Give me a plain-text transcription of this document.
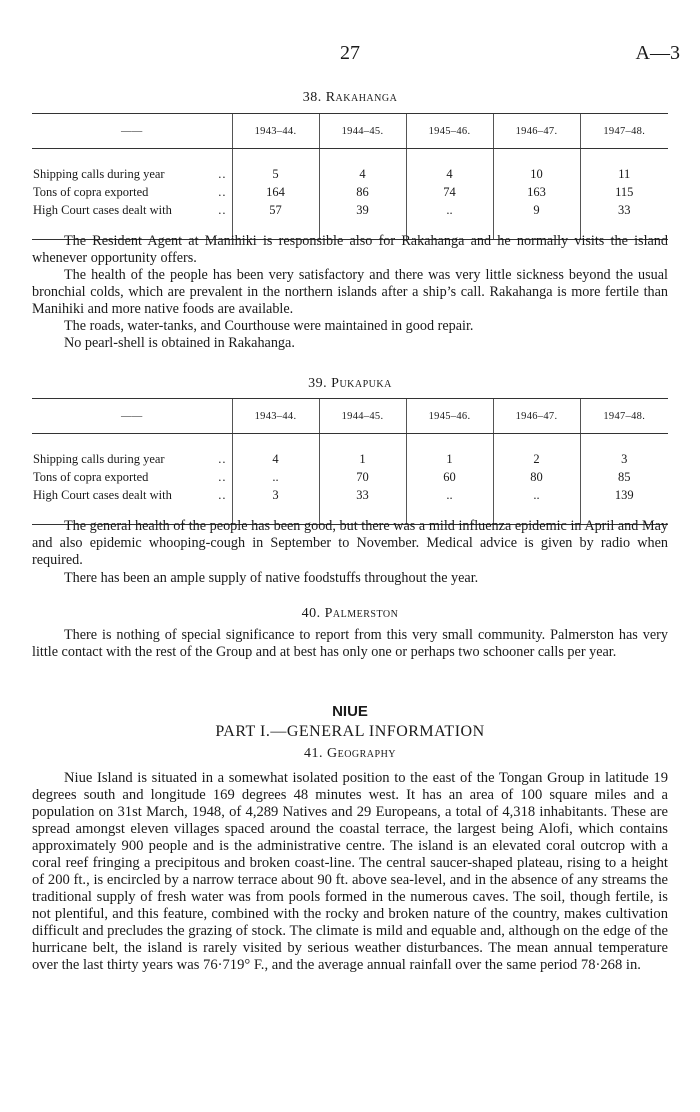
27	A—3
38. Rakahanga
——	1943–44.	1944–45.	1945–46.	1946–47.	1947–48.

Shipping calls during year ..	5	4	4	10	11
Tons of copra exported ..	164	86	74	163	115
High Court cases dealt with ..	57	39	..	9	33

The Resident Agent at Manihiki is responsible also for Rakahanga and he normally visits the island whenever opportunity offers.

The health of the people has been very satisfactory and there was very little sickness beyond the usual bronchial colds, which are prevalent in the northern islands after a ship’s call. Rakahanga is more fertile than Manihiki and more native foods are available.

The roads, water-tanks, and Courthouse were maintained in good repair.

No pearl-shell is obtained in Rakahanga.

39. Pukapuka
——	1943–44.	1944–45.	1945–46.	1946–47.	1947–48.

Shipping calls during year ..	4	1	1	2	3
Tons of copra exported ..	..	70	60	80	85
High Court cases dealt with ..	3	33	..	..	139

The general health of the people has been good, but there was a mild influenza epidemic in April and May and also epidemic whooping-cough in September to November. Medical advice is given by radio when required.

There has been an ample supply of native foodstuffs throughout the year.

40. Palmerston

There is nothing of special significance to report from this very small community. Palmerston has very little contact with the rest of the Group and at best has only one or perhaps two schooner calls per year.

NIUE
PART I.—GENERAL INFORMATION
41. Geography

Niue Island is situated in a somewhat isolated position to the east of the Tongan Group in latitude 19 degrees south and longitude 169 degrees 48 minutes west. It has an area of 100 square miles and a population on 31st March, 1948, of 4,289 Natives and 29 Europeans, a total of 4,318 inhabitants. These are spread amongst eleven villages spaced around the coastal terrace, the largest being Alofi, which contains approximately 900 people and is the administrative centre. The island is an elevated coral outcrop with a coral reef fringing a precipitous and broken coast-line. The central saucer-shaped plateau, rising to a height of 200 ft., is encircled by a narrow terrace about 90 ft. above sea-level, and in the absence of any streams the traditional supply of fresh water was from pools formed in the numerous caves. The soil, though fertile, is not plentiful, and this feature, combined with the rocky and broken nature of the country, makes cultivation difficult and precludes the grazing of stock. The climate is mild and equable and, although on the edge of the hurricane belt, the island is rarely visited by serious weather disturbances. The mean annual temperature over the last thirty years was 76·719° F., and the average annual rainfall over the same period 78·268 in.
